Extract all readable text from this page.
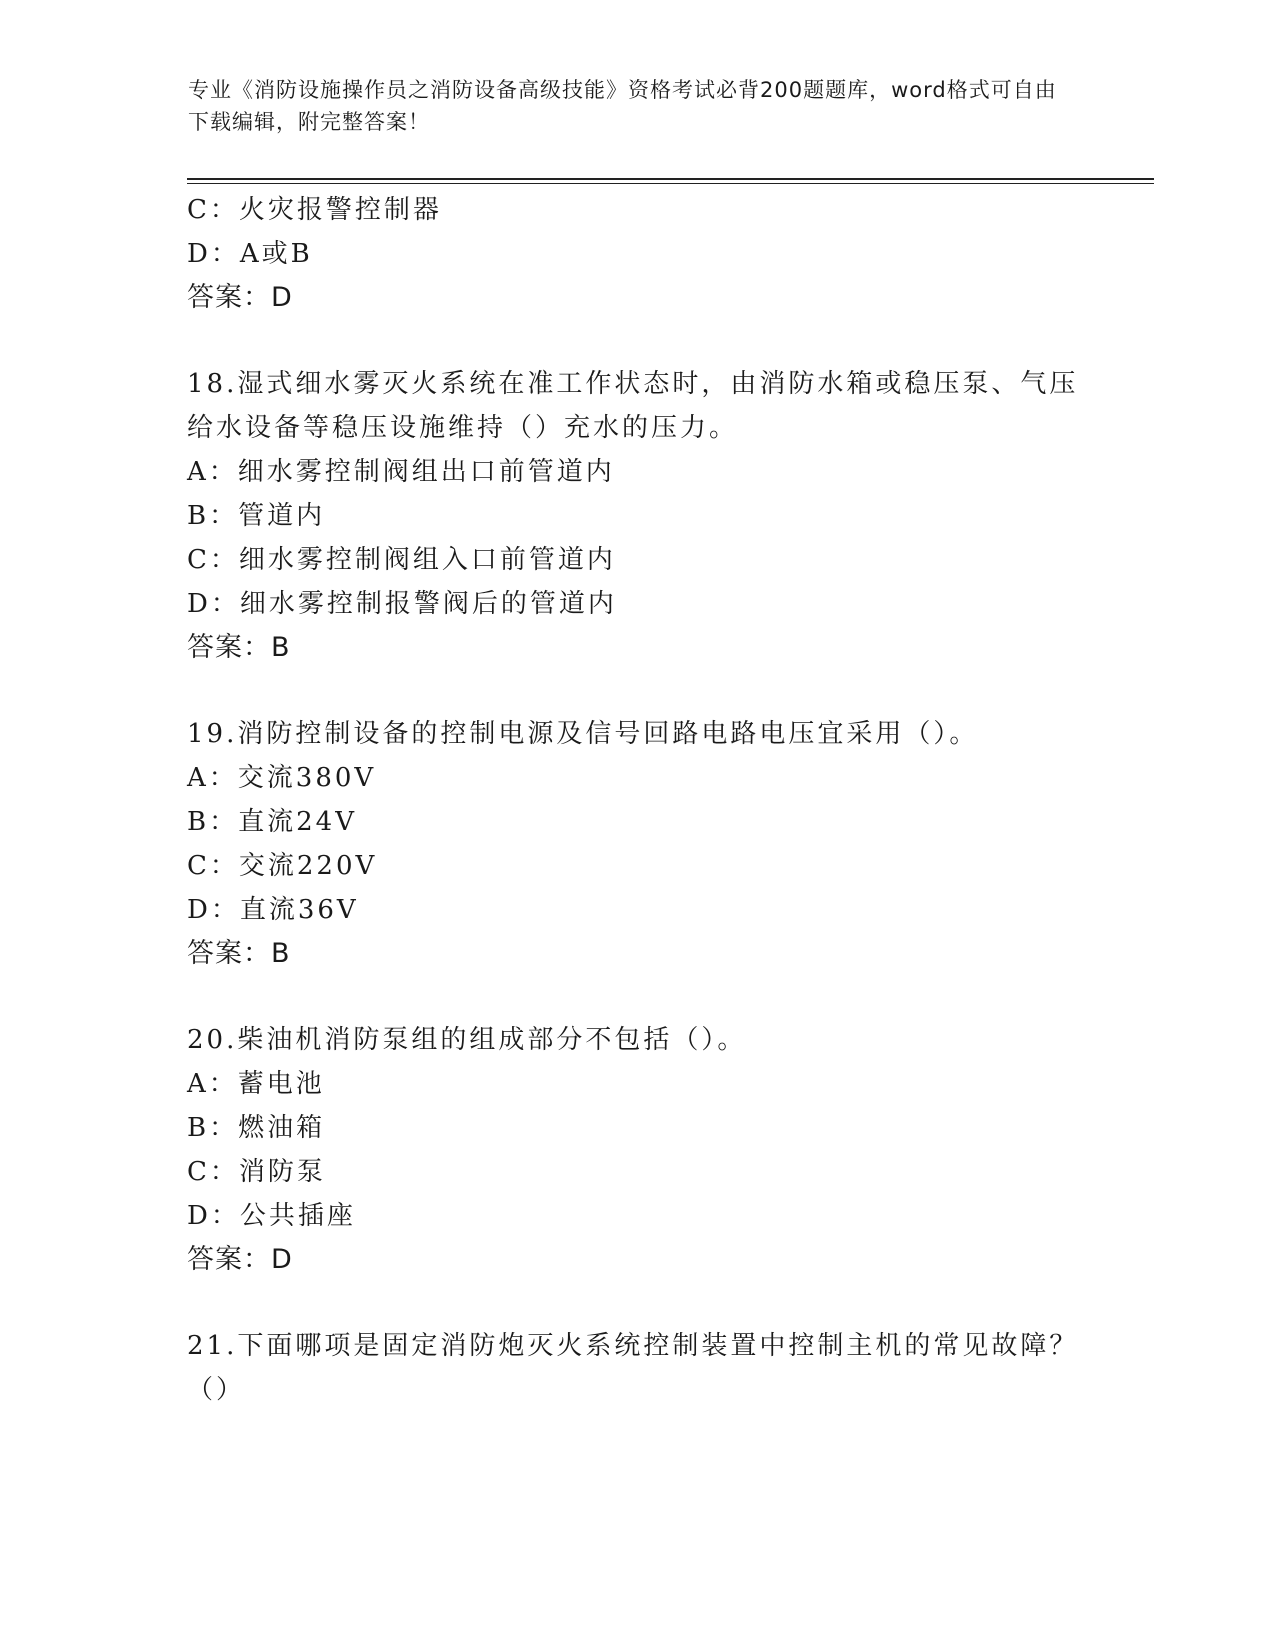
专业《消防设施操作员之消防设备高级技能》资格考试必背200题题库，word格式可自由下载编辑，附完整答案！
C：火灾报警控制器
D：A或B
答案：D
18.湿式细水雾灭火系统在准工作状态时，由消防水箱或稳压泵、气压
给水设备等稳压设施维持（）充水的压力。
A：细水雾控制阀组出口前管道内
B：管道内
C：细水雾控制阀组入口前管道内
D：细水雾控制报警阀后的管道内
答案：B
19.消防控制设备的控制电源及信号回路电路电压宜采用（）。
A：交流380V
B：直流24V
C：交流220V
D：直流36V
答案：B
20.柴油机消防泵组的组成部分不包括（）。
A：蓄电池
B：燃油箱
C：消防泵
D：公共插座
答案：D
21.下面哪项是固定消防炮灭火系统控制装置中控制主机的常见故障？
（）
